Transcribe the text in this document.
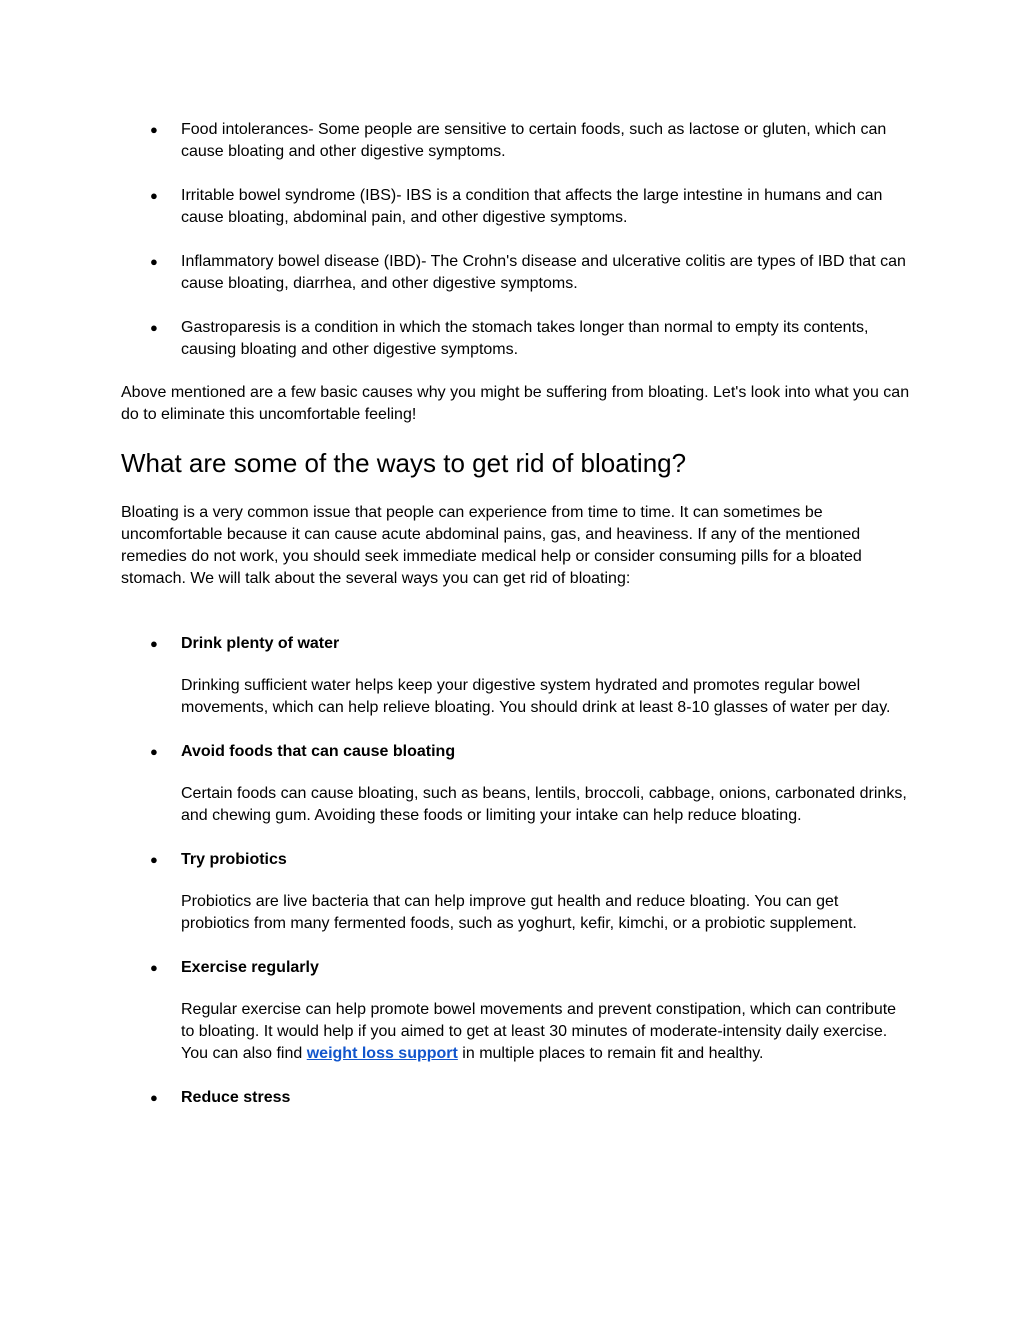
● Food intolerances- Some people are sensitive to certain foods, such as lactose or gluten, which can cause bloating and other digestive symptoms.
● Irritable bowel syndrome (IBS)- IBS is a condition that affects the large intestine in humans and can cause bloating, abdominal pain, and other digestive symptoms.
● Inflammatory bowel disease (IBD)- The Crohn's disease and ulcerative colitis are types of IBD that can cause bloating, diarrhea, and other digestive symptoms.
● Gastroparesis is a condition in which the stomach takes longer than normal to empty its contents, causing bloating and other digestive symptoms.

Above mentioned are a few basic causes why you might be suffering from bloating. Let's look into what you can do to eliminate this uncomfortable feeling!

What are some of the ways to get rid of bloating?

Bloating is a very common issue that people can experience from time to time. It can sometimes be uncomfortable because it can cause acute abdominal pains, gas, and heaviness. If any of the mentioned remedies do not work, you should seek immediate medical help or consider consuming pills for a bloated stomach. We will talk about the several ways you can get rid of bloating:

● Drink plenty of water
Drinking sufficient water helps keep your digestive system hydrated and promotes regular bowel movements, which can help relieve bloating. You should drink at least 8-10 glasses of water per day.
● Avoid foods that can cause bloating
Certain foods can cause bloating, such as beans, lentils, broccoli, cabbage, onions, carbonated drinks, and chewing gum. Avoiding these foods or limiting your intake can help reduce bloating.
● Try probiotics
Probiotics are live bacteria that can help improve gut health and reduce bloating. You can get probiotics from many fermented foods, such as yoghurt, kefir, kimchi, or a probiotic supplement.
● Exercise regularly
Regular exercise can help promote bowel movements and prevent constipation, which can contribute to bloating. It would help if you aimed to get at least 30 minutes of moderate-intensity daily exercise. You can also find weight loss support in multiple places to remain fit and healthy.
● Reduce stress
